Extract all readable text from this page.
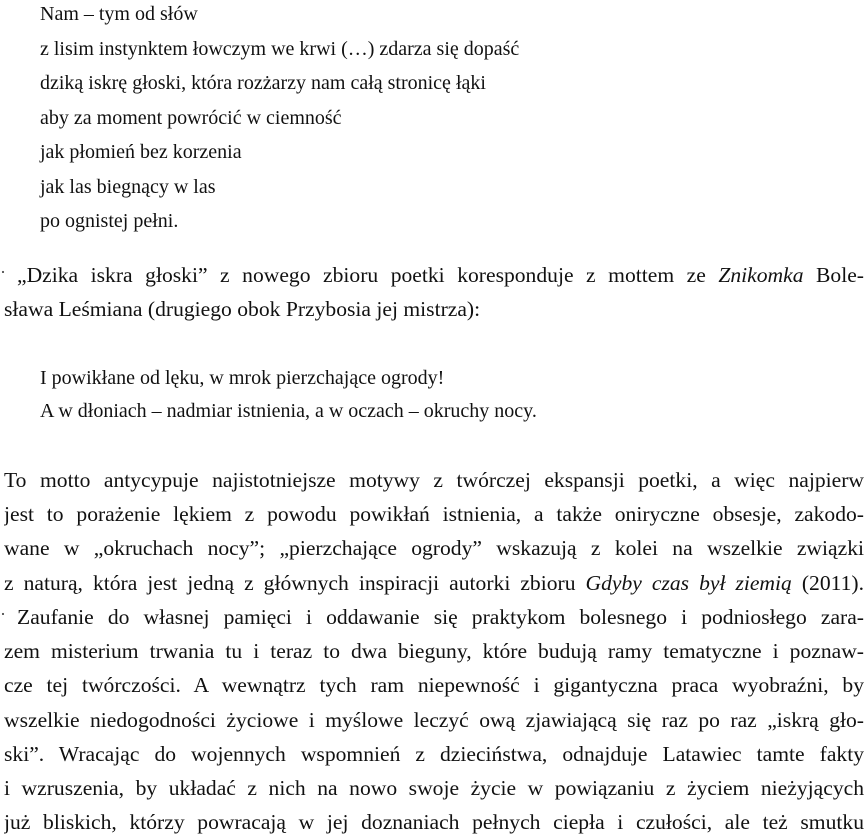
Nam – tym od słów
z lisim instynktem łowczym we krwi (…) zdarza się dopaść
dziką iskrę głoski, która rozżarzy nam całą stronicę łąki
aby za moment powrócić w ciemność
jak płomień bez korzenia
jak las biegnący w las
po ognistej pełni.
· „Dzika iskra głoski” z nowego zbioru poetki koresponduje z mottem ze Znikomka Bole-
sława Leśmiana (drugiego obok Przybosia jej mistrza):
I powikłane od lęku, w mrok pierzchające ogrody!
A w dłoniach – nadmiar istnienia, a w oczach – okruchy nocy.
To motto antycypuje najistotniejsze motywy z twórczej ekspansji poetki, a więc najpierw
jest to porażenie lękiem z powodu powikłań istnienia, a także oniryczne obsesje, zakodo-
wane w „okruchach nocy”; „pierzchające ogrody” wskazują z kolei na wszelkie związki
z naturą, która jest jedną z głównych inspiracji autorki zbioru Gdyby czas był ziemią (2011).
· Zaufanie do własnej pamięci i oddawanie się praktykom bolesnego i podniosłego zara-
zem misterium trwania tu i teraz to dwa bieguny, które budują ramy tematyczne i poznaw-
cze tej twórczości. A wewnątrz tych ram niepewność i gigantyczna praca wyobraźni, by
wszelkie niedogodności życiowe i myślowe leczyć ową zjawiającą się raz po raz „iskrą gło-
ski”. Wracając do wojennych wspomnień z dzieciństwa, odnajduje Latawiec tamte fakty
i wzruszenia, by układać z nich na nowo swoje życie w powiązaniu z życiem nieżyjących
już bliskich, którzy powracają w jej doznaniach pełnych ciepła i czułości, ale też smutku
